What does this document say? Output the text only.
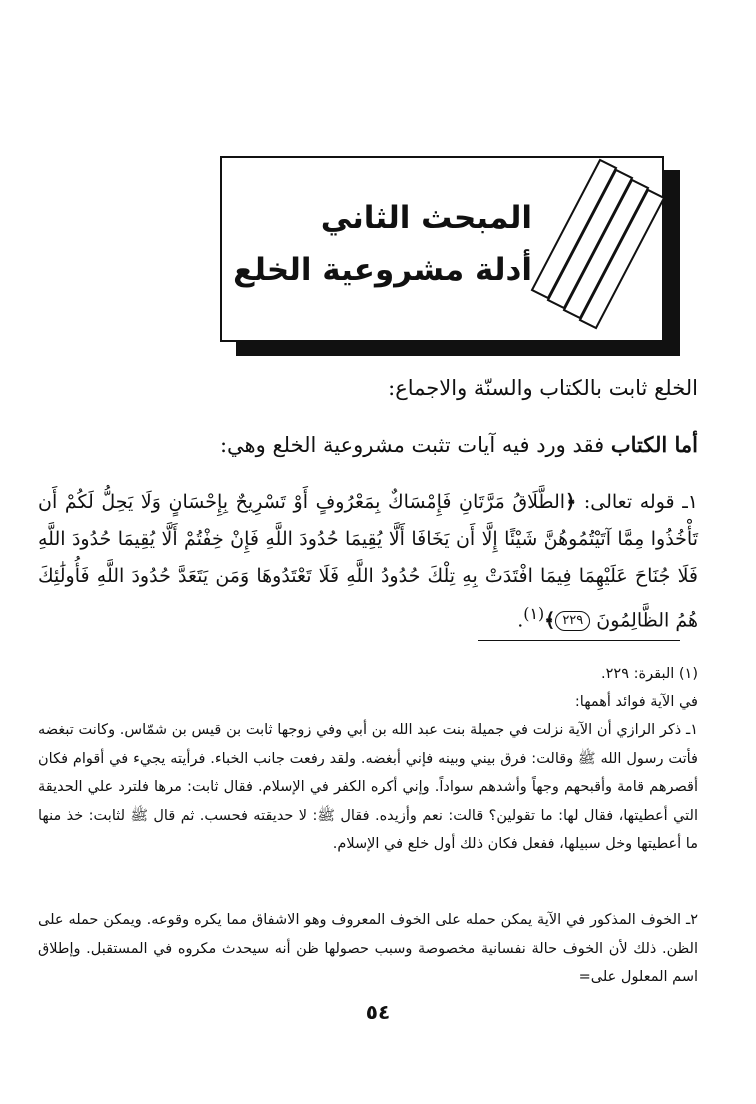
المبحث الثاني
أدلة مشروعية الخلع
الخلع ثابت بالكتاب والسنّة والاجماع:
أما الكتاب فقد ورد فيه آيات تثبت مشروعية الخلع وهي:
١ـ قوله تعالى: ﴿الطَّلَاقُ مَرَّتَانِ فَإِمْسَاكٌ بِمَعْرُوفٍ أَوْ تَسْرِيحٌ بِإِحْسَانٍ وَلَا يَحِلُّ لَكُمْ أَن تَأْخُذُوا مِمَّا آتَيْتُمُوهُنَّ شَيْئًا إِلَّا أَن يَخَافَا أَلَّا يُقِيمَا حُدُودَ اللَّهِ فَإِنْ خِفْتُمْ أَلَّا يُقِيمَا حُدُودَ اللَّهِ فَلَا جُنَاحَ عَلَيْهِمَا فِيمَا افْتَدَتْ بِهِ تِلْكَ حُدُودُ اللَّهِ فَلَا تَعْتَدُوهَا وَمَن يَتَعَدَّ حُدُودَ اللَّهِ فَأُولَٰئِكَ هُمُ الظَّالِمُونَ ٢٢٩﴾$^{(١)}$.
(١) البقرة: ٢٢٩.
في الآية فوائد أهمها:
١ـ ذكر الرازي أن الآية نزلت في جميلة بنت عبد الله بن أبي وفي زوجها ثابت بن قيس بن شمّاس. وكانت تبغضه فأتت رسول الله ﷺ وقالت: فرق بيني وبينه فإني أبغضه. ولقد رفعت جانب الخباء. فرأيته يجيء في أقوام فكان أقصرهم قامة وأقبحهم وجهاً وأشدهم سواداً. وإني أكره الكفر في الإسلام. فقال ثابت: مرها فلترد علي الحديقة التي أعطيتها، فقال لها: ما تقولين؟ قالت: نعم وأزيده. فقال ﷺ: لا حديقته فحسب. ثم قال ﷺ لثابت: خذ منها ما أعطيتها وخل سبيلها، ففعل فكان ذلك أول خلع في الإسلام.
٢ـ الخوف المذكور في الآية يمكن حمله على الخوف المعروف وهو الاشفاق مما يكره وقوعه. ويمكن حمله على الظن. ذلك لأن الخوف حالة نفسانية مخصوصة وسبب حصولها ظن أنه سيحدث مكروه في المستقبل. وإطلاق اسم المعلول على=
٥٤
